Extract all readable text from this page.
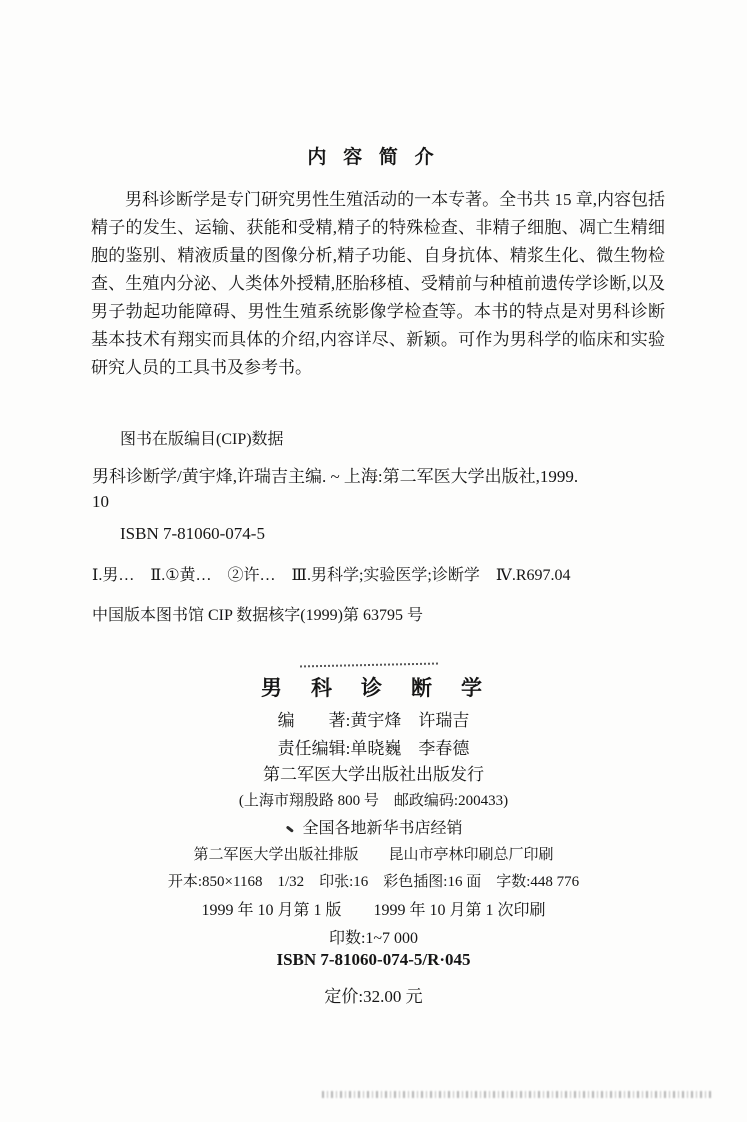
内 容 简 介

男科诊断学是专门研究男性生殖活动的一本专著。全书共 15 章,内容包括精子的发生、运输、获能和受精,精子的特殊检查、非精子细胞、凋亡生精细胞的鉴别、精液质量的图像分析,精子功能、自身抗体、精浆生化、微生物检查、生殖内分泌、人类体外授精,胚胎移植、受精前与种植前遗传学诊断,以及男子勃起功能障碍、男性生殖系统影像学检查等。本书的特点是对男科诊断基本技术有翔实而具体的介绍,内容详尽、新颖。可作为男科学的临床和实验研究人员的工具书及参考书。

图书在版编目(CIP)数据
男科诊断学/黄宇烽,许瑞吉主编. ~ 上海:第二军医大学出版社,1999.
10
ISBN 7-81060-074-5
Ⅰ.男…　Ⅱ.①黄…　②许…　Ⅲ.男科学;实验医学;诊断学　Ⅳ.R697.04
中国版本图书馆 CIP 数据核字(1999)第 63795 号
男　科　诊　断　学
编　　著:黄宇烽　许瑞吉
责任编辑:单晓巍　李春德
第二军医大学出版社出版发行
(上海市翔殷路 800 号　邮政编码:200433)
全国各地新华书店经销
第二军医大学出版社排版　　昆山市亭林印刷总厂印刷
开本:850×1168　1/32　印张:16　彩色插图:16 面　字数:448 776
1999 年 10 月第 1 版　　1999 年 10 月第 1 次印刷
印数:1~7 000
ISBN 7-81060-074-5/R·045
定价:32.00 元
